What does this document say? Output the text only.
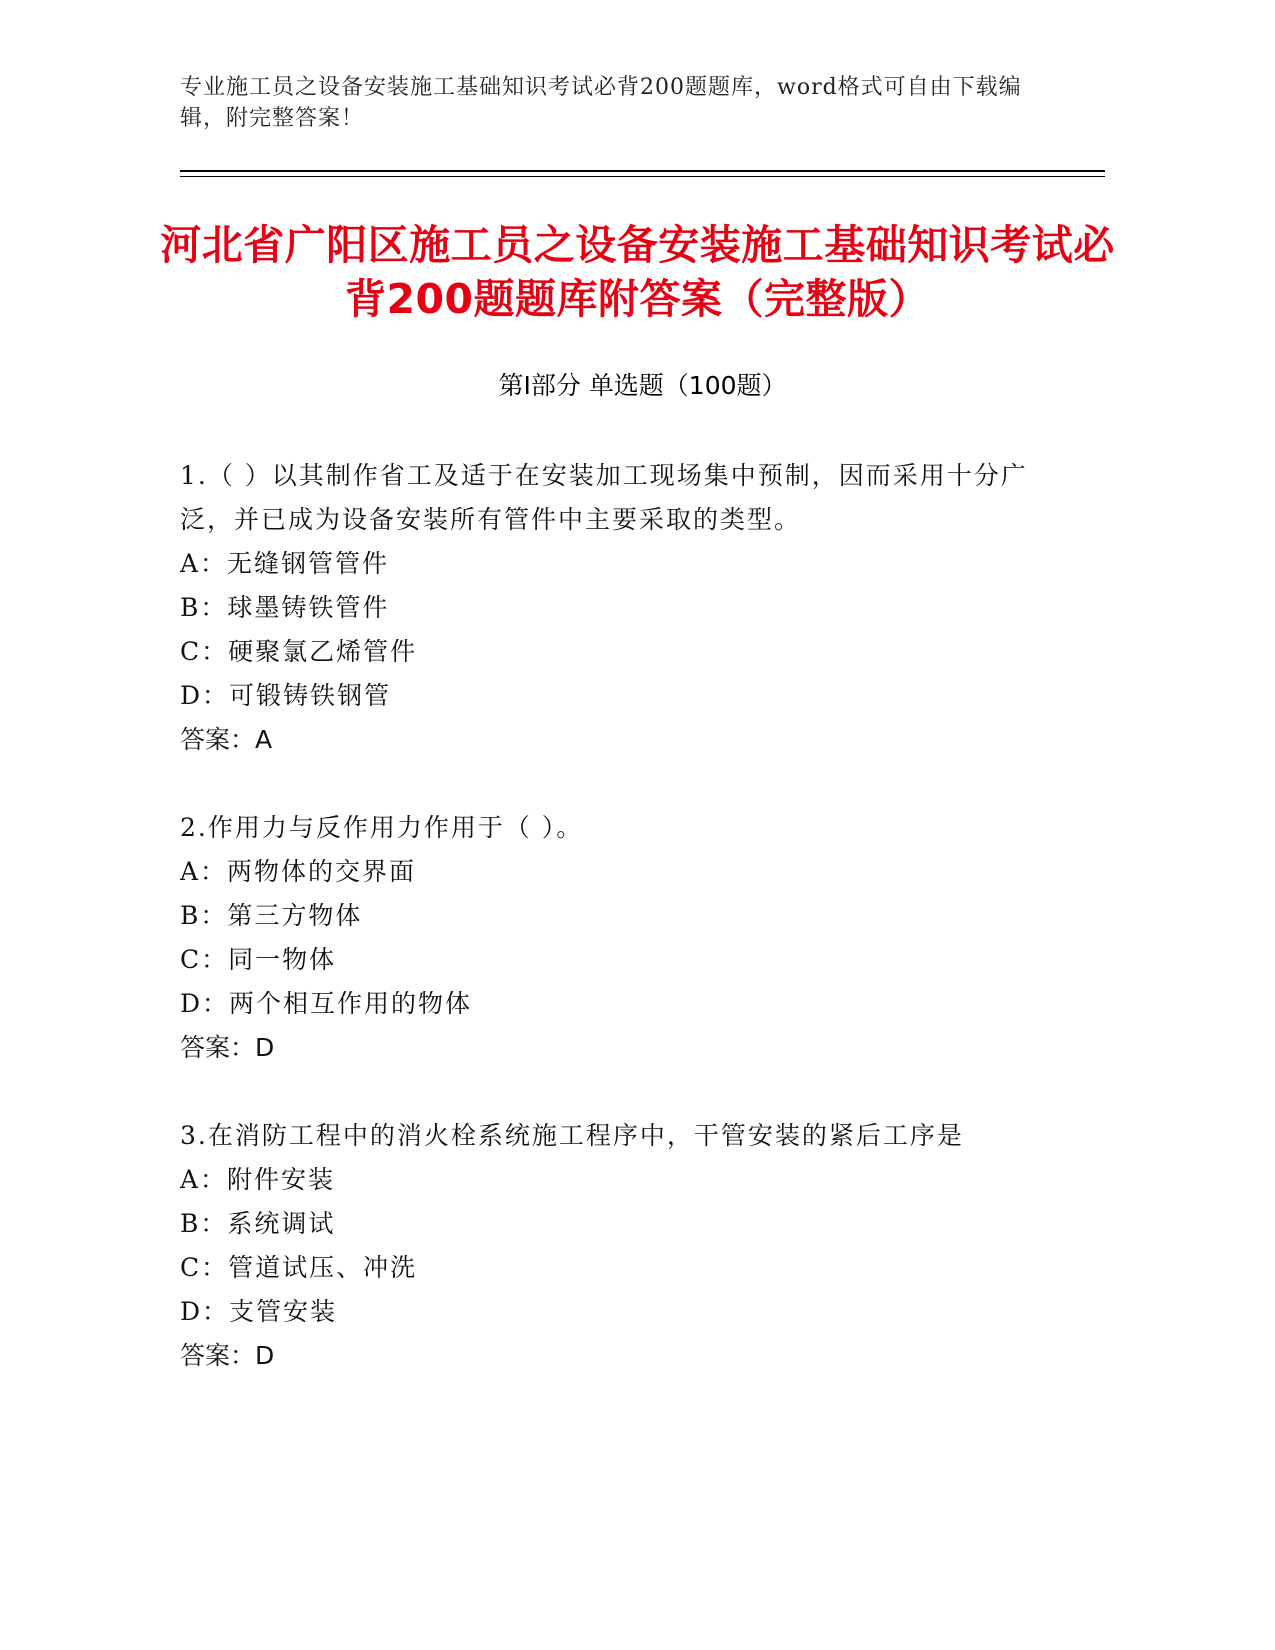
专业施工员之设备安装施工基础知识考试必背200题题库，word格式可自由下载编辑，附完整答案！
河北省广阳区施工员之设备安装施工基础知识考试必背200题题库附答案（完整版）
第Ⅰ部分 单选题（100题）

1.（ ）以其制作省工及适于在安装加工现场集中预制，因而采用十分广泛，并已成为设备安装所有管件中主要采取的类型。

A：无缝钢管管件

B：球墨铸铁管件

C：硬聚氯乙烯管件

D：可锻铸铁钢管

答案：A

2.作用力与反作用力作用于（ ）。

A：两物体的交界面

B：第三方物体

C：同一物体

D：两个相互作用的物体

答案：D

3.在消防工程中的消火栓系统施工程序中，干管安装的紧后工序是

A：附件安装

B：系统调试

C：管道试压、冲洗

D：支管安装

答案：D
